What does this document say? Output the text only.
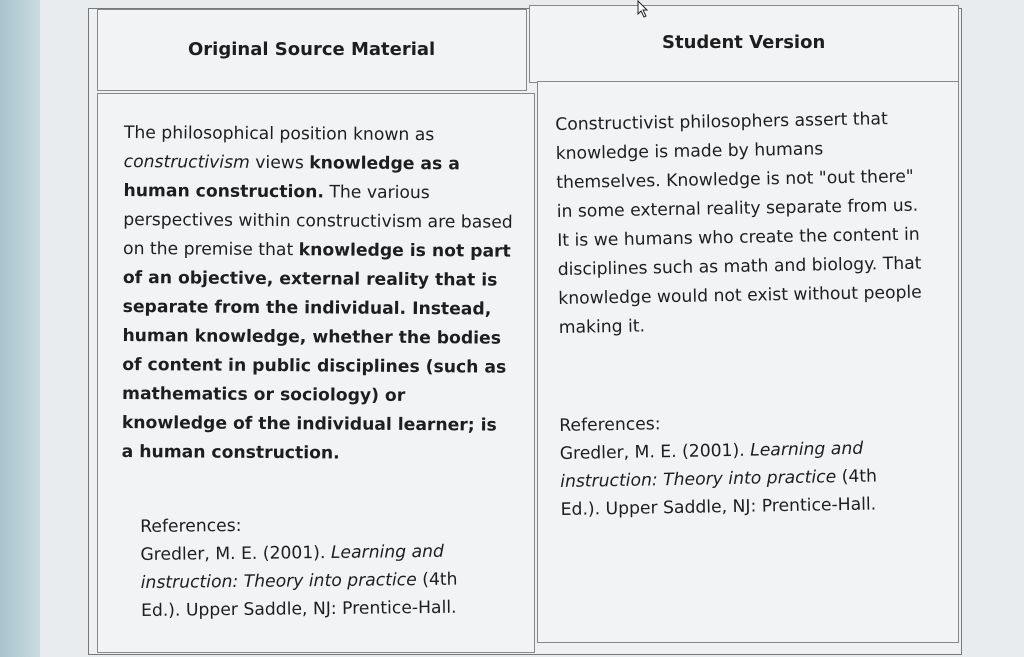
Original Source Material	Student Version

The philosophical position known as constructivism views knowledge as a human construction. The various perspectives within constructivism are based on the premise that knowledge is not part of an objective, external reality that is separate from the individual. Instead, human knowledge, whether the bodies of content in public disciplines (such as mathematics or sociology) or knowledge of the individual learner; is a human construction.

References:

Gredler, M. E. (2001). Learning and instruction: Theory into practice (4th Ed.). Upper Saddle, NJ: Prentice-Hall.

Constructivist philosophers assert that knowledge is made by humans themselves. Knowledge is not "out there" in some external reality separate from us. It is we humans who create the content in disciplines such as math and biology. That knowledge would not exist without people making it.

References:

Gredler, M. E. (2001). Learning and instruction: Theory into practice (4th Ed.). Upper Saddle, NJ: Prentice-Hall.
